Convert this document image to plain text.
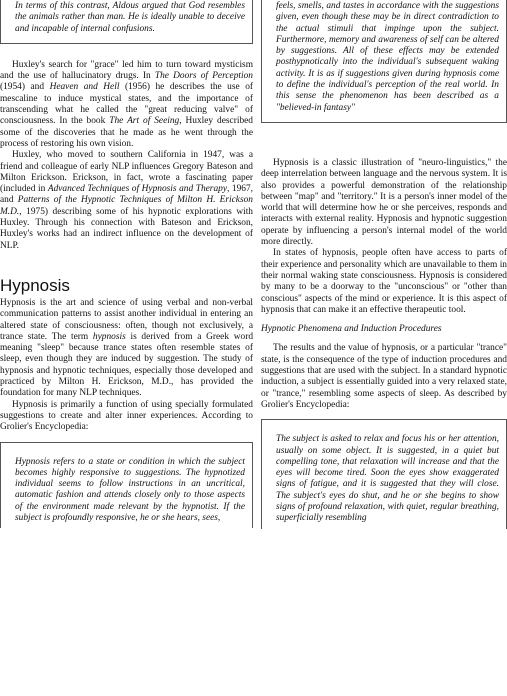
In terms of this contrast, Aldous argued that God resembles the animals rather than man. He is ideally unable to deceive and incapable of internal confusions.

Huxley's search for "grace" led him to turn toward mysticism and the use of hallucinatory drugs. In The Doors of Perception (1954) and Heaven and Hell (1956) he describes the use of mescaline to induce mystical states, and the importance of transcending what he called the "great reducing valve" of consciousness. In the book The Art of Seeing, Huxley described some of the discoveries that he made as he went through the process of restoring his own vision.

Huxley, who moved to southern California in 1947, was a friend and colleague of early NLP influences Gregory Bateson and Milton Erickson. Erickson, in fact, wrote a fascinating paper (included in Advanced Techniques of Hypnosis and Therapy, 1967, and Patterns of the Hypnotic Techniques of Milton H. Erickson M.D., 1975) describing some of his hypnotic explorations with Huxley. Through his connection with Bateson and Erickson, Huxley's works had an indirect influence on the development of NLP.

Hypnosis

Hypnosis is the art and science of using verbal and non-verbal communication patterns to assist another individual in entering an altered state of consciousness: often, though not exclusively, a trance state. The term hypnosis is derived from a Greek word meaning "sleep" because trance states often resemble states of sleep, even though they are induced by suggestion. The study of hypnosis and hypnotic techniques, especially those developed and practiced by Milton H. Erickson, M.D., has provided the foundation for many NLP techniques.

Hypnosis is primarily a function of using specially formulated suggestions to create and alter inner experiences. According to Grolier's Encyclopedia:

Hypnosis refers to a state or condition in which the subject becomes highly responsive to suggestions. The hypnotized individual seems to follow instructions in an uncritical, automatic fashion and attends closely only to those aspects of the environment made relevant by the hypnotist. If the subject is profoundly responsive, he or she hears, sees,

feels, smells, and tastes in accordance with the suggestions given, even though these may be in direct contradiction to the actual stimuli that impinge upon the subject. Furthermore, memory and awareness of self can be altered by suggestions. All of these effects may be extended posthypnotically into the individual's subsequent waking activity. It is as if suggestions given during hypnosis come to define the individual's perception of the real world. In this sense the phenomenon has been described as a "believed-in fantasy"

Hypnosis is a classic illustration of "neuro-linguistics," the deep interrelation between language and the nervous system. It is also provides a powerful demonstration of the relationship between "map" and "territory." It is a person's inner model of the world that will determine how he or she perceives, responds and interacts with external reality. Hypnosis and hypnotic suggestion operate by influencing a person's internal model of the world more directly.

In states of hypnosis, people often have access to parts of their experience and personality which are unavailable to them in their normal waking state consciousness. Hypnosis is considered by many to be a doorway to the "unconscious" or "other than conscious" aspects of the mind or experience. It is this aspect of hypnosis that can make it an effective therapeutic tool.

Hypnotic Phenomena and Induction Procedures

The results and the value of hypnosis, or a particular "trance" state, is the consequence of the type of induction procedures and suggestions that are used with the subject. In a standard hypnotic induction, a subject is essentially guided into a very relaxed state, or "trance," resembling some aspects of sleep. As described by Grolier's Encyclopedia:

The subject is asked to relax and focus his or her attention, usually on some object. It is suggested, in a quiet but compelling tone, that relaxation will increase and that the eyes will become tired. Soon the eyes show exaggerated signs of fatigue, and it is suggested that they will close. The subject's eyes do shut, and he or she begins to show signs of profound relaxation, with quiet, regular breathing, superficially resembling
